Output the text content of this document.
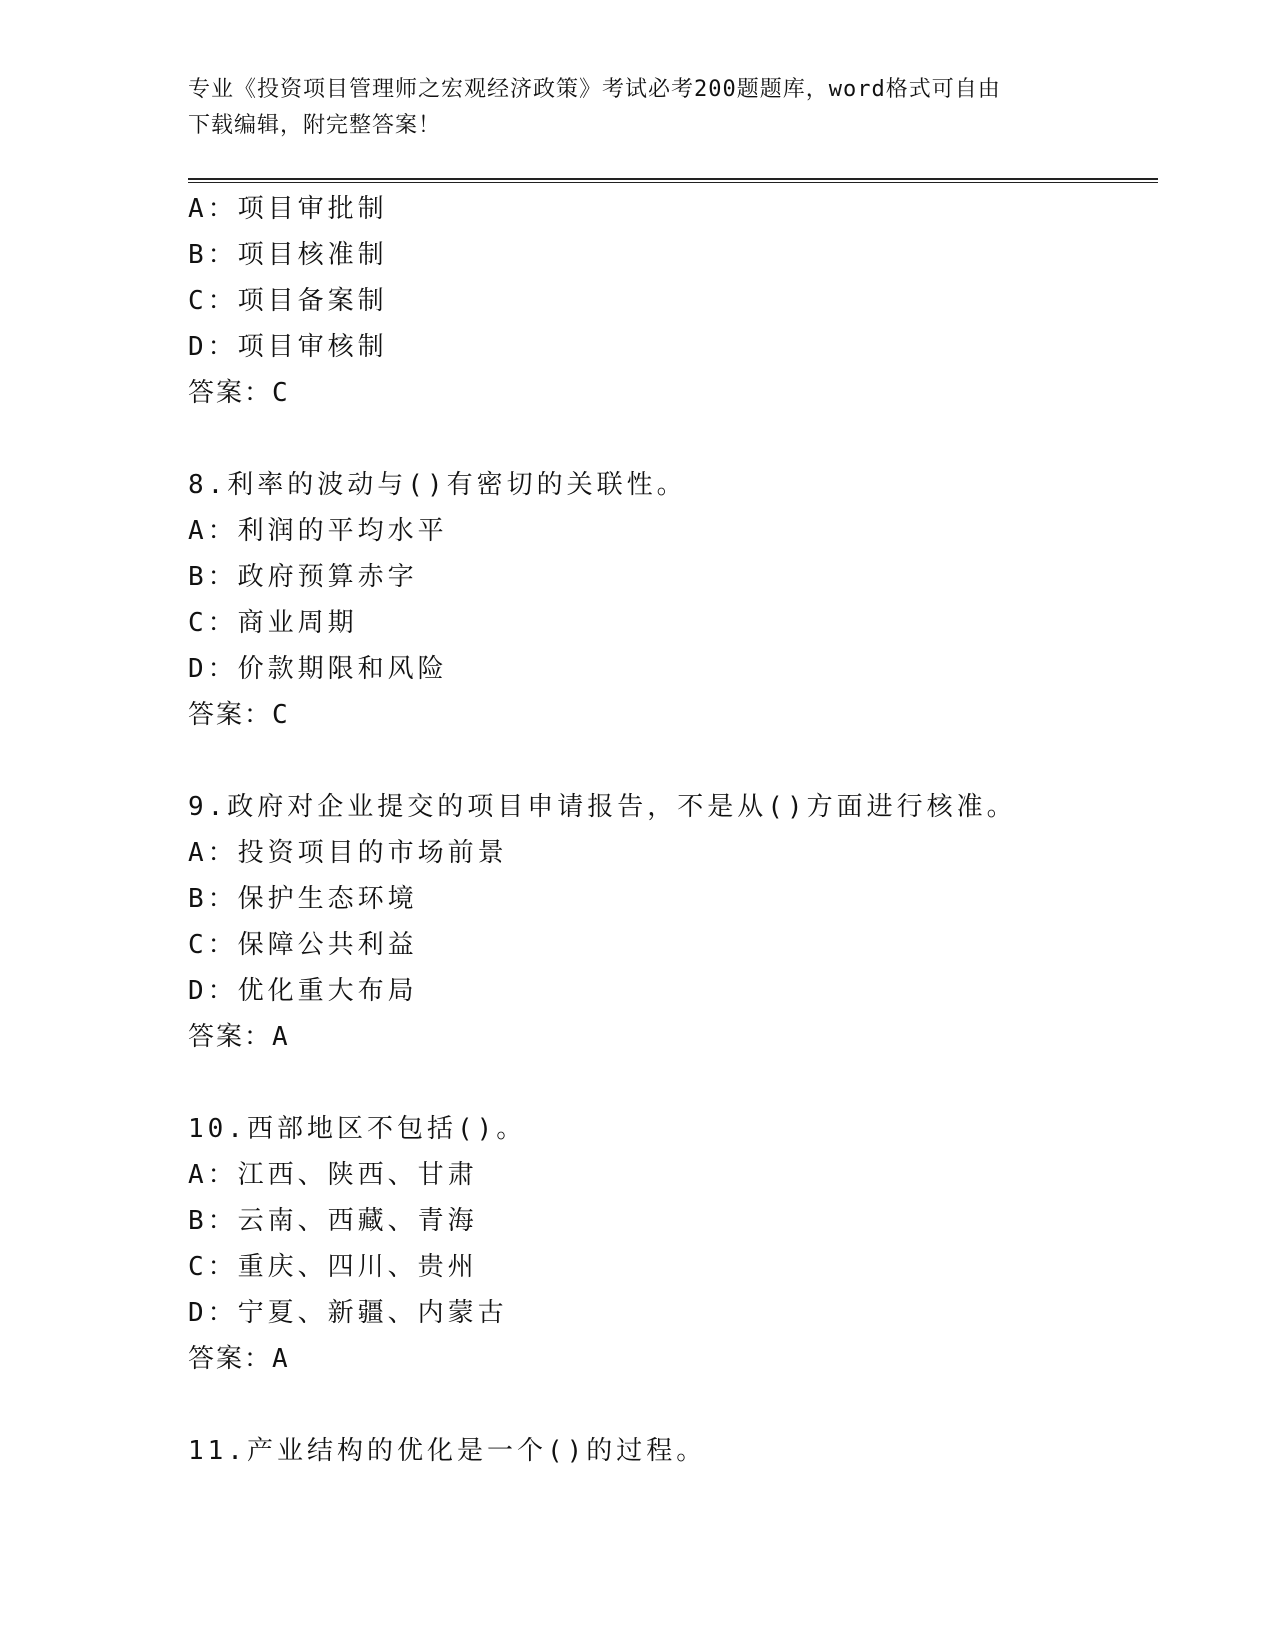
专业《投资项目管理师之宏观经济政策》考试必考200题题库，word格式可自由
下载编辑，附完整答案！
A：项目审批制
B：项目核准制
C：项目备案制
D：项目审核制
答案：C
8.利率的波动与()有密切的关联性。
A：利润的平均水平
B：政府预算赤字
C：商业周期
D：价款期限和风险
答案：C
9.政府对企业提交的项目申请报告，不是从()方面进行核准。
A：投资项目的市场前景
B：保护生态环境
C：保障公共利益
D：优化重大布局
答案：A
10.西部地区不包括()。
A：江西、陕西、甘肃
B：云南、西藏、青海
C：重庆、四川、贵州
D：宁夏、新疆、内蒙古
答案：A
11.产业结构的优化是一个()的过程。
